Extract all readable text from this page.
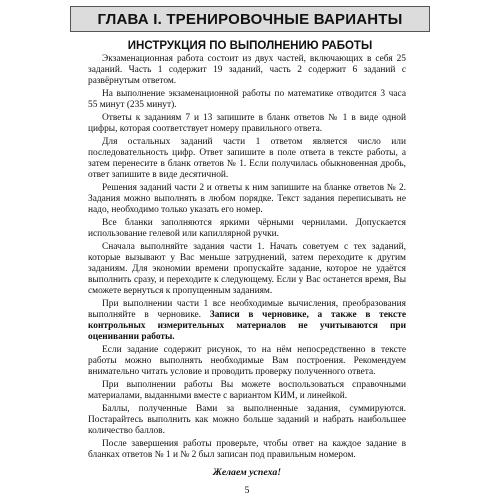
ГЛАВА I. ТРЕНИРОВОЧНЫЕ ВАРИАНТЫ
ИНСТРУКЦИЯ ПО ВЫПОЛНЕНИЮ РАБОТЫ

Экзаменационная работа состоит из двух частей, включающих в себя 25 заданий. Часть 1 содержит 19 заданий, часть 2 содержит 6 заданий с развёрнутым ответом.

На выполнение экзаменационной работы по математике отводится 3 часа 55 минут (235 минут).

Ответы к заданиям 7 и 13 запишите в бланк ответов № 1 в виде одной цифры, которая соответствует номеру правильного ответа.

Для остальных заданий части 1 ответом является число или последовательность цифр. Ответ запишите в поле ответа в тексте работы, а затем перенесите в бланк ответов № 1. Если получилась обыкновенная дробь, ответ запишите в виде десятичной.

Решения заданий части 2 и ответы к ним запишите на бланке ответов № 2. Задания можно выполнять в любом порядке. Текст задания переписывать не надо, необходимо только указать его номер.

Все бланки заполняются яркими чёрными чернилами. Допускается использование гелевой или капиллярной ручки.

Сначала выполняйте задания части 1. Начать советуем с тех заданий, которые вызывают у Вас меньше затруднений, затем переходите к другим заданиям. Для экономии времени пропускайте задание, которое не удаётся выполнить сразу, и переходите к следующему. Если у Вас останется время, Вы сможете вернуться к пропущенным заданиям.

При выполнении части 1 все необходимые вычисления, преобразования выполняйте в черновике. Записи в черновике, а также в тексте контрольных измерительных материалов не учитываются при оценивании работы.

Если задание содержит рисунок, то на нём непосредственно в тексте работы можно выполнять необходимые Вам построения. Рекомендуем внимательно читать условие и проводить проверку полученного ответа.

При выполнении работы Вы можете воспользоваться справочными материалами, выданными вместе с вариантом КИМ, и линейкой.

Баллы, полученные Вами за выполненные задания, суммируются. Постарайтесь выполнить как можно больше заданий и набрать наибольшее количество баллов.

После завершения работы проверьте, чтобы ответ на каждое задание в бланках ответов № 1 и № 2 был записан под правильным номером.

Желаем успеха!
5
